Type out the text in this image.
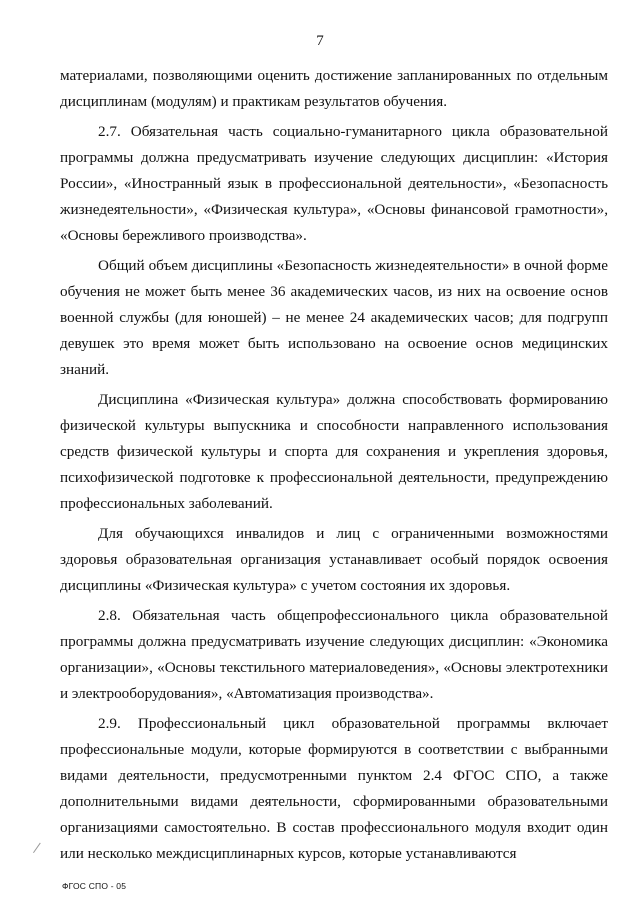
7

материалами, позволяющими оценить достижение запланированных по отдельным дисциплинам (модулям) и практикам результатов обучения.

2.7. Обязательная часть социально-гуманитарного цикла образовательной программы должна предусматривать изучение следующих дисциплин: «История России», «Иностранный язык в профессиональной деятельности», «Безопасность жизнедеятельности», «Физическая культура», «Основы финансовой грамотности», «Основы бережливого производства».

Общий объем дисциплины «Безопасность жизнедеятельности» в очной форме обучения не может быть менее 36 академических часов, из них на освоение основ военной службы (для юношей) – не менее 24 академических часов; для подгрупп девушек это время может быть использовано на освоение основ медицинских знаний.

Дисциплина «Физическая культура» должна способствовать формированию физической культуры выпускника и способности направленного использования средств физической культуры и спорта для сохранения и укрепления здоровья, психофизической подготовке к профессиональной деятельности, предупреждению профессиональных заболеваний.

Для обучающихся инвалидов и лиц с ограниченными возможностями здоровья образовательная организация устанавливает особый порядок освоения дисциплины «Физическая культура» с учетом состояния их здоровья.

2.8. Обязательная часть общепрофессионального цикла образовательной программы должна предусматривать изучение следующих дисциплин: «Экономика организации», «Основы текстильного материаловедения», «Основы электротехники и электрооборудования», «Автоматизация производства».

2.9. Профессиональный цикл образовательной программы включает профессиональные модули, которые формируются в соответствии с выбранными видами деятельности, предусмотренными пунктом 2.4 ФГОС СПО, а также дополнительными видами деятельности, сформированными образовательными организациями самостоятельно. В состав профессионального модуля входит один или несколько междисциплинарных курсов, которые устанавливаются

ФГОС СПО - 05
